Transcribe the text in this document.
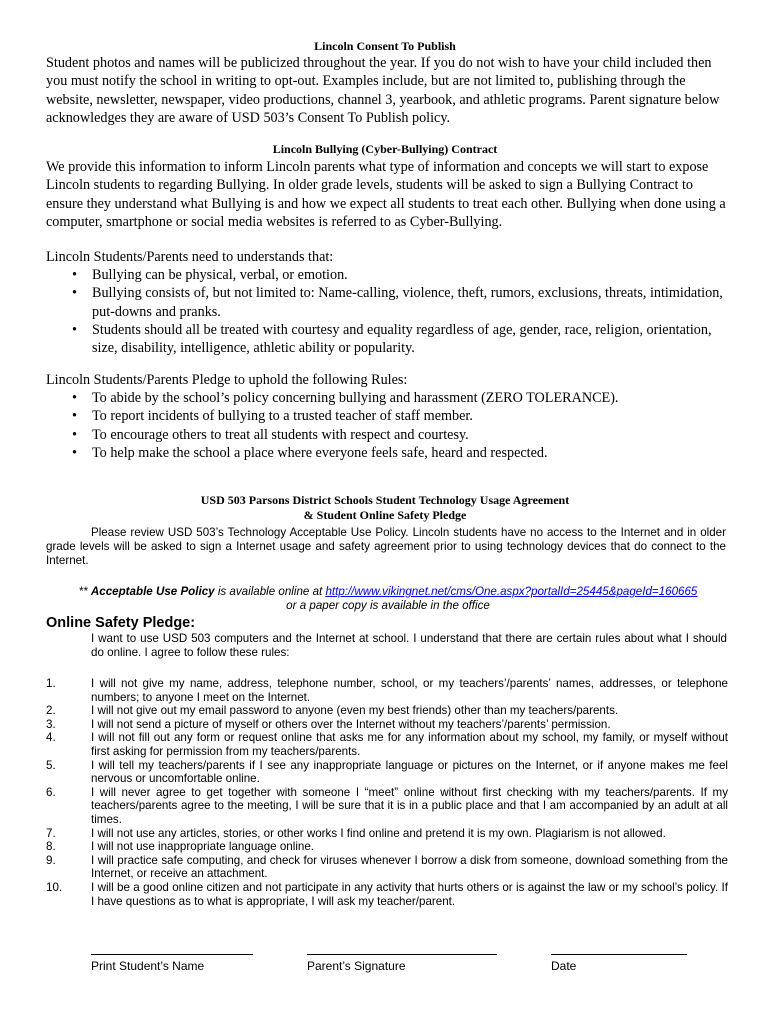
Lincoln Consent To Publish

Student photos and names will be publicized throughout the year. If you do not wish to have your child included then you must notify the school in writing to opt-out. Examples include, but are not limited to, publishing through the website, newsletter, newspaper, video productions, channel 3, yearbook, and athletic programs. Parent signature below acknowledges they are aware of USD 503’s Consent To Publish policy.

Lincoln Bullying (Cyber-Bullying) Contract

We provide this information to inform Lincoln parents what type of information and concepts we will start to expose Lincoln students to regarding Bullying. In older grade levels, students will be asked to sign a Bullying Contract to ensure they understand what Bullying is and how we expect all students to treat each other. Bullying when done using a computer, smartphone or social media websites is referred to as Cyber-Bullying.

Lincoln Students/Parents need to understands that:

• Bullying can be physical, verbal, or emotion.
• Bullying consists of, but not limited to: Name-calling, violence, theft, rumors, exclusions, threats, intimidation, put-downs and pranks.
• Students should all be treated with courtesy and equality regardless of age, gender, race, religion, orientation, size, disability, intelligence, athletic ability or popularity.

Lincoln Students/Parents Pledge to uphold the following Rules:

• To abide by the school’s policy concerning bullying and harassment (ZERO TOLERANCE).
• To report incidents of bullying to a trusted teacher of staff member.
• To encourage others to treat all students with respect and courtesy.
• To help make the school a place where everyone feels safe, heard and respected.
USD 503 Parsons District Schools Student Technology Usage Agreement
& Student Online Safety Pledge

Please review USD 503’s Technology Acceptable Use Policy. Lincoln students have no access to the Internet and in older grade levels will be asked to sign a Internet usage and safety agreement prior to using technology devices that do connect to the Internet.

** Acceptable Use Policy is available online at http://www.vikingnet.net/cms/One.aspx?portalId=25445&pageId=160665
or a paper copy is available in the office
Online Safety Pledge:

I want to use USD 503 computers and the Internet at school. I understand that there are certain rules about what I should do online. I agree to follow these rules:

1.	I will not give my name, address, telephone number, school, or my teachers’/parents’ names, addresses, or telephone numbers; to anyone I meet on the Internet.
2.	I will not give out my email password to anyone (even my best friends) other than my teachers/parents.
3.	I will not send a picture of myself or others over the Internet without my teachers’/parents’ permission.
4.	I will not fill out any form or request online that asks me for any information about my school, my family, or myself without first asking for permission from my teachers/parents.
5.	I will tell my teachers/parents if I see any inappropriate language or pictures on the Internet, or if anyone makes me feel nervous or uncomfortable online.
6.	I will never agree to get together with someone I “meet” online without first checking with my teachers/parents. If my teachers/parents agree to the meeting, I will be sure that it is in a public place and that I am accompanied by an adult at all times.
7.	I will not use any articles, stories, or other works I find online and pretend it is my own. Plagiarism is not allowed.
8.	I will not use inappropriate language online.
9.	I will practice safe computing, and check for viruses whenever I borrow a disk from someone, download something from the Internet, or receive an attachment.
10. I will be a good online citizen and not participate in any activity that hurts others or is against the law or my school’s policy. If I have questions as to what is appropriate, I will ask my teacher/parent.
Print Student’s Name	Parent’s Signature	Date
